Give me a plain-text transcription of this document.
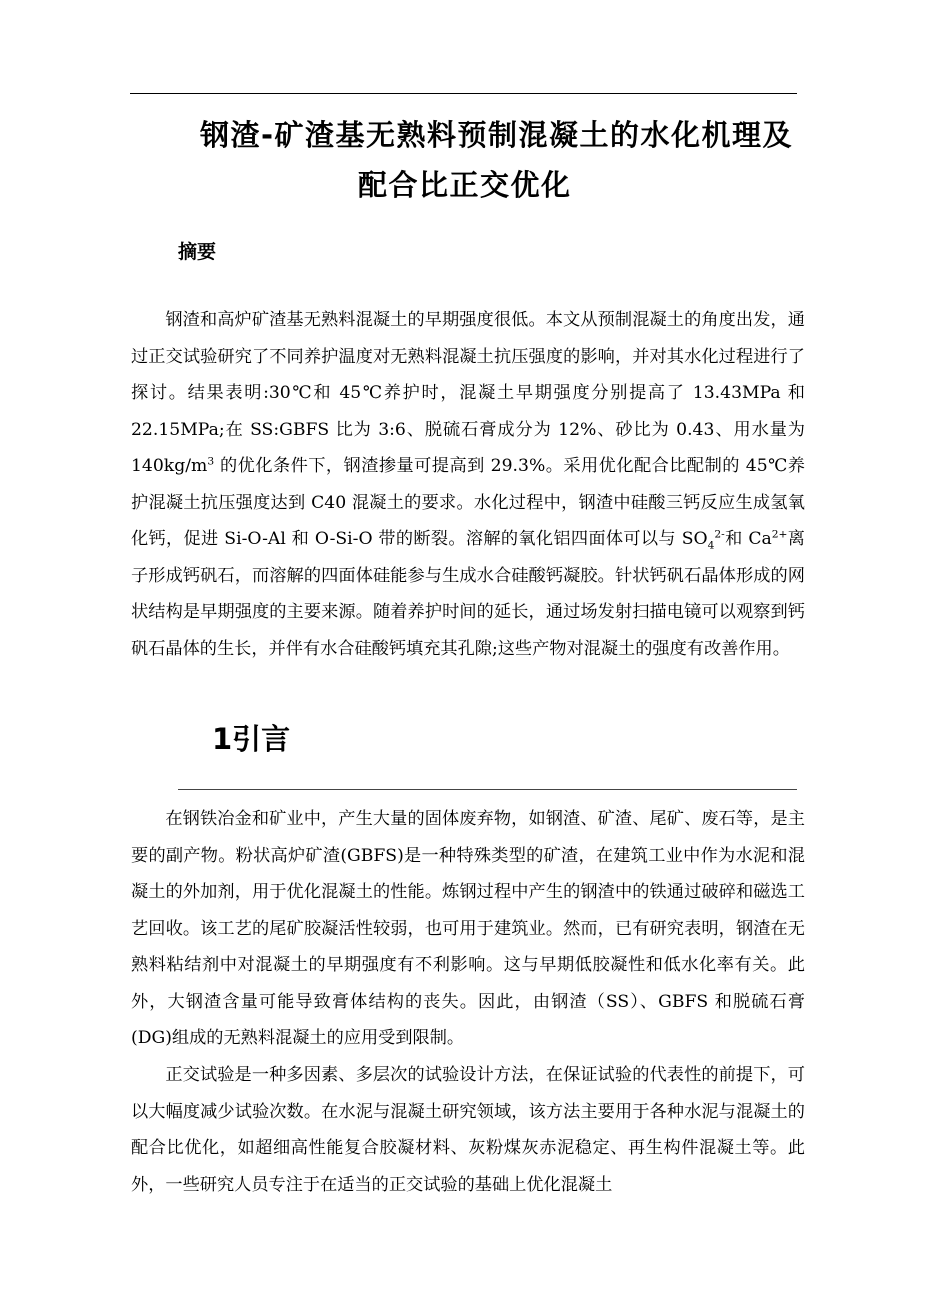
钢渣-矿渣基无熟料预制混凝土的水化机理及
配合比正交优化
摘要

钢渣和高炉矿渣基无熟料混凝土的早期强度很低。本文从预制混凝土的角度出发，通过正交试验研究了不同养护温度对无熟料混凝土抗压强度的影响，并对其水化过程进行了探讨。结果表明:30℃和 45℃养护时，混凝土早期强度分别提高了 13.43MPa 和 22.15MPa;在 SS:GBFS 比为 3:6、脱硫石膏成分为 12%、砂比为 0.43、用水量为 $140kg/m^3$ 的优化条件下，钢渣掺量可提高到 29.3%。采用优化配合比配制的 45℃养护混凝土抗压强度达到 C40 混凝土的要求。水化过程中，钢渣中硅酸三钙反应生成氢氧化钙，促进 Si-O-Al 和 O-Si-O 带的断裂。溶解的氧化铝四面体可以与 $SO_4^{2-}$和 $Ca^{2+}$离子形成钙矾石，而溶解的四面体硅能参与生成水合硅酸钙凝胶。针状钙矾石晶体形成的网状结构是早期强度的主要来源。随着养护时间的延长，通过场发射扫描电镜可以观察到钙矾石晶体的生长，并伴有水合硅酸钙填充其孔隙;这些产物对混凝土的强度有改善作用。

1引言

在钢铁冶金和矿业中，产生大量的固体废弃物，如钢渣、矿渣、尾矿、废石等，是主要的副产物。粉状高炉矿渣(GBFS)是一种特殊类型的矿渣，在建筑工业中作为水泥和混凝土的外加剂，用于优化混凝土的性能。炼钢过程中产生的钢渣中的铁通过破碎和磁选工艺回收。该工艺的尾矿胶凝活性较弱，也可用于建筑业。然而，已有研究表明，钢渣在无熟料粘结剂中对混凝土的早期强度有不利影响。这与早期低胶凝性和低水化率有关。此外，大钢渣含量可能导致膏体结构的丧失。因此，由钢渣（SS）、GBFS 和脱硫石膏(DG)组成的无熟料混凝土的应用受到限制。

正交试验是一种多因素、多层次的试验设计方法，在保证试验的代表性的前提下，可以大幅度减少试验次数。在水泥与混凝土研究领域，该方法主要用于各种水泥与混凝土的配合比优化，如超细高性能复合胶凝材料、灰粉煤灰赤泥稳定、再生构件混凝土等。此外，一些研究人员专注于在适当的正交试验的基础上优化混凝土
